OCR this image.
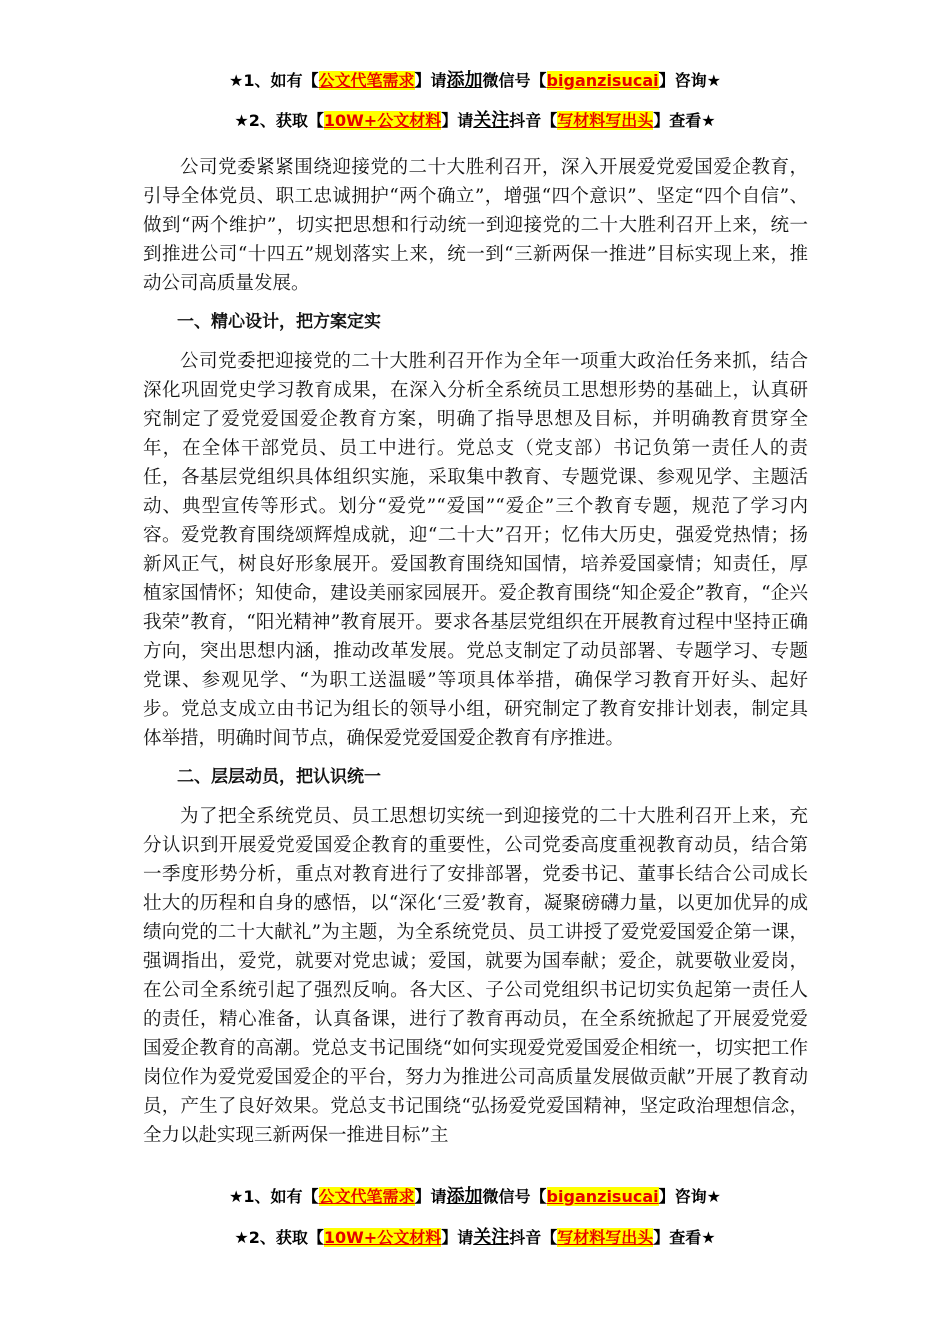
★1、如有【公文代笔需求】请添加微信号【biganzisucai】咨询★
★2、获取【10W+公文材料】请关注抖音【写材料写出头】查看★

公司党委紧紧围绕迎接党的二十大胜利召开，深入开展爱党爱国爱企教育，引导全体党员、职工忠诚拥护“两个确立”，增强“四个意识”、坚定“四个自信”、做到“两个维护”，切实把思想和行动统一到迎接党的二十大胜利召开上来，统一到推进公司“十四五”规划落实上来，统一到“三新两保一推进”目标实现上来，推动公司高质量发展。

一、精心设计，把方案定实

公司党委把迎接党的二十大胜利召开作为全年一项重大政治任务来抓，结合深化巩固党史学习教育成果，在深入分析全系统员工思想形势的基础上，认真研究制定了爱党爱国爱企教育方案，明确了指导思想及目标，并明确教育贯穿全年，在全体干部党员、员工中进行。党总支（党支部）书记负第一责任人的责任，各基层党组织具体组织实施，采取集中教育、专题党课、参观见学、主题活动、典型宣传等形式。划分“爱党”“爱国”“爱企”三个教育专题，规范了学习内容。爱党教育围绕颂辉煌成就，迎“二十大”召开；忆伟大历史，强爱党热情；扬新风正气，树良好形象展开。爱国教育围绕知国情，培养爱国豪情；知责任，厚植家国情怀；知使命，建设美丽家园展开。爱企教育围绕“知企爱企”教育，“企兴我荣”教育，“阳光精神”教育展开。要求各基层党组织在开展教育过程中坚持正确方向，突出思想内涵，推动改革发展。党总支制定了动员部署、专题学习、专题党课、参观见学、“为职工送温暖”等项具体举措，确保学习教育开好头、起好步。党总支成立由书记为组长的领导小组，研究制定了教育安排计划表，制定具体举措，明确时间节点，确保爱党爱国爱企教育有序推进。

二、层层动员，把认识统一

为了把全系统党员、员工思想切实统一到迎接党的二十大胜利召开上来，充分认识到开展爱党爱国爱企教育的重要性，公司党委高度重视教育动员，结合第一季度形势分析，重点对教育进行了安排部署，党委书记、董事长结合公司成长壮大的历程和自身的感悟，以“深化‘三爱’教育，凝聚磅礴力量，以更加优异的成绩向党的二十大献礼”为主题，为全系统党员、员工讲授了爱党爱国爱企第一课，强调指出，爱党，就要对党忠诚；爱国，就要为国奉献；爱企，就要敬业爱岗，在公司全系统引起了强烈反响。各大区、子公司党组织书记切实负起第一责任人的责任，精心准备，认真备课，进行了教育再动员，在全系统掀起了开展爱党爱国爱企教育的高潮。党总支书记围绕“如何实现爱党爱国爱企相统一，切实把工作岗位作为爱党爱国爱企的平台，努力为推进公司高质量发展做贡献”开展了教育动员，产生了良好效果。党总支书记围绕“弘扬爱党爱国精神，坚定政治理想信念，全力以赴实现三新两保一推进目标”主

★1、如有【公文代笔需求】请添加微信号【biganzisucai】咨询★
★2、获取【10W+公文材料】请关注抖音【写材料写出头】查看★
